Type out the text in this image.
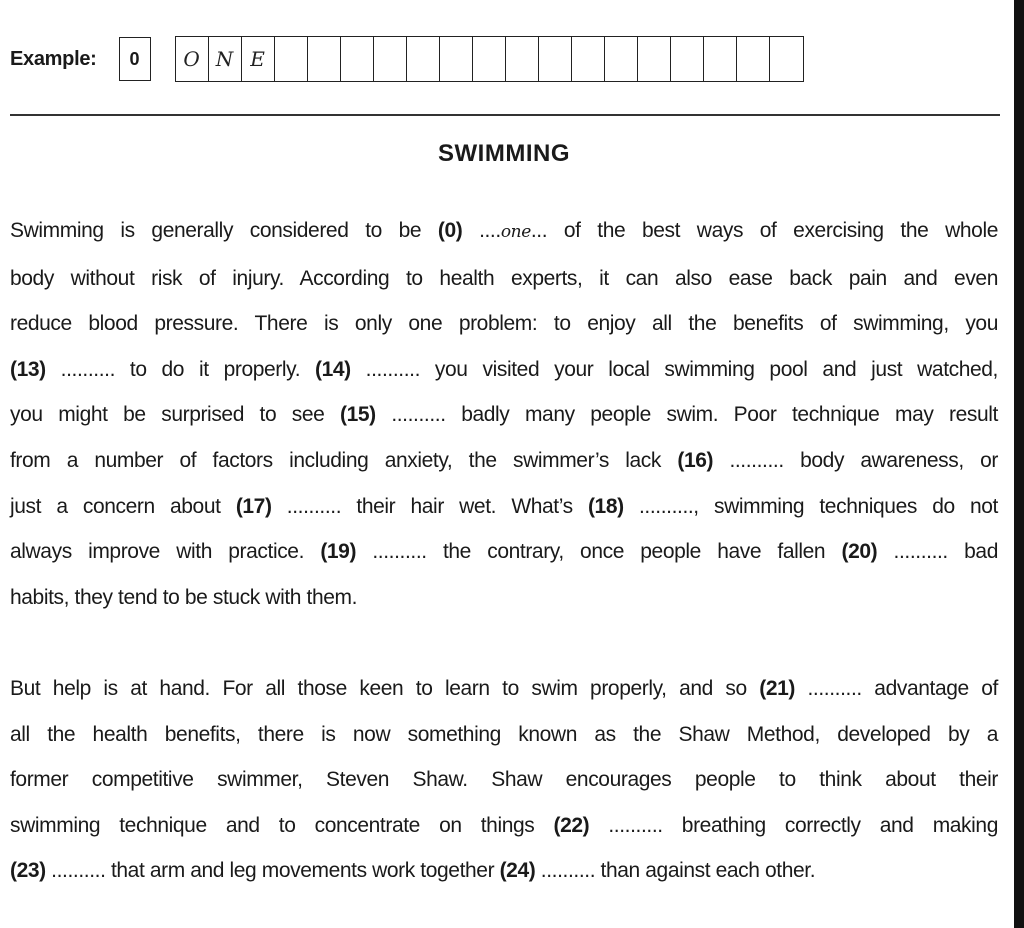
Example: 0	O N E
SWIMMING
Swimming is generally considered to be (0) ....one... of the best ways of exercising the whole
body without risk of injury. According to health experts, it can also ease back pain and even
reduce blood pressure. There is only one problem: to enjoy all the benefits of swimming, you
(13) .......... to do it properly. (14) .......... you visited your local swimming pool and just watched,
you might be surprised to see (15) .......... badly many people swim. Poor technique may result
from a number of factors including anxiety, the swimmer’s lack (16) .......... body awareness, or
just a concern about (17) .......... their hair wet. What’s (18) .........., swimming techniques do not
always improve with practice. (19) .......... the contrary, once people have fallen (20) .......... bad
habits, they tend to be stuck with them.
But help is at hand. For all those keen to learn to swim properly, and so (21) .......... advantage of
all the health benefits, there is now something known as the Shaw Method, developed by a
former competitive swimmer, Steven Shaw. Shaw encourages people to think about their
swimming technique and to concentrate on things (22) .......... breathing correctly and making
(23) .......... that arm and leg movements work together (24) .......... than against each other.
